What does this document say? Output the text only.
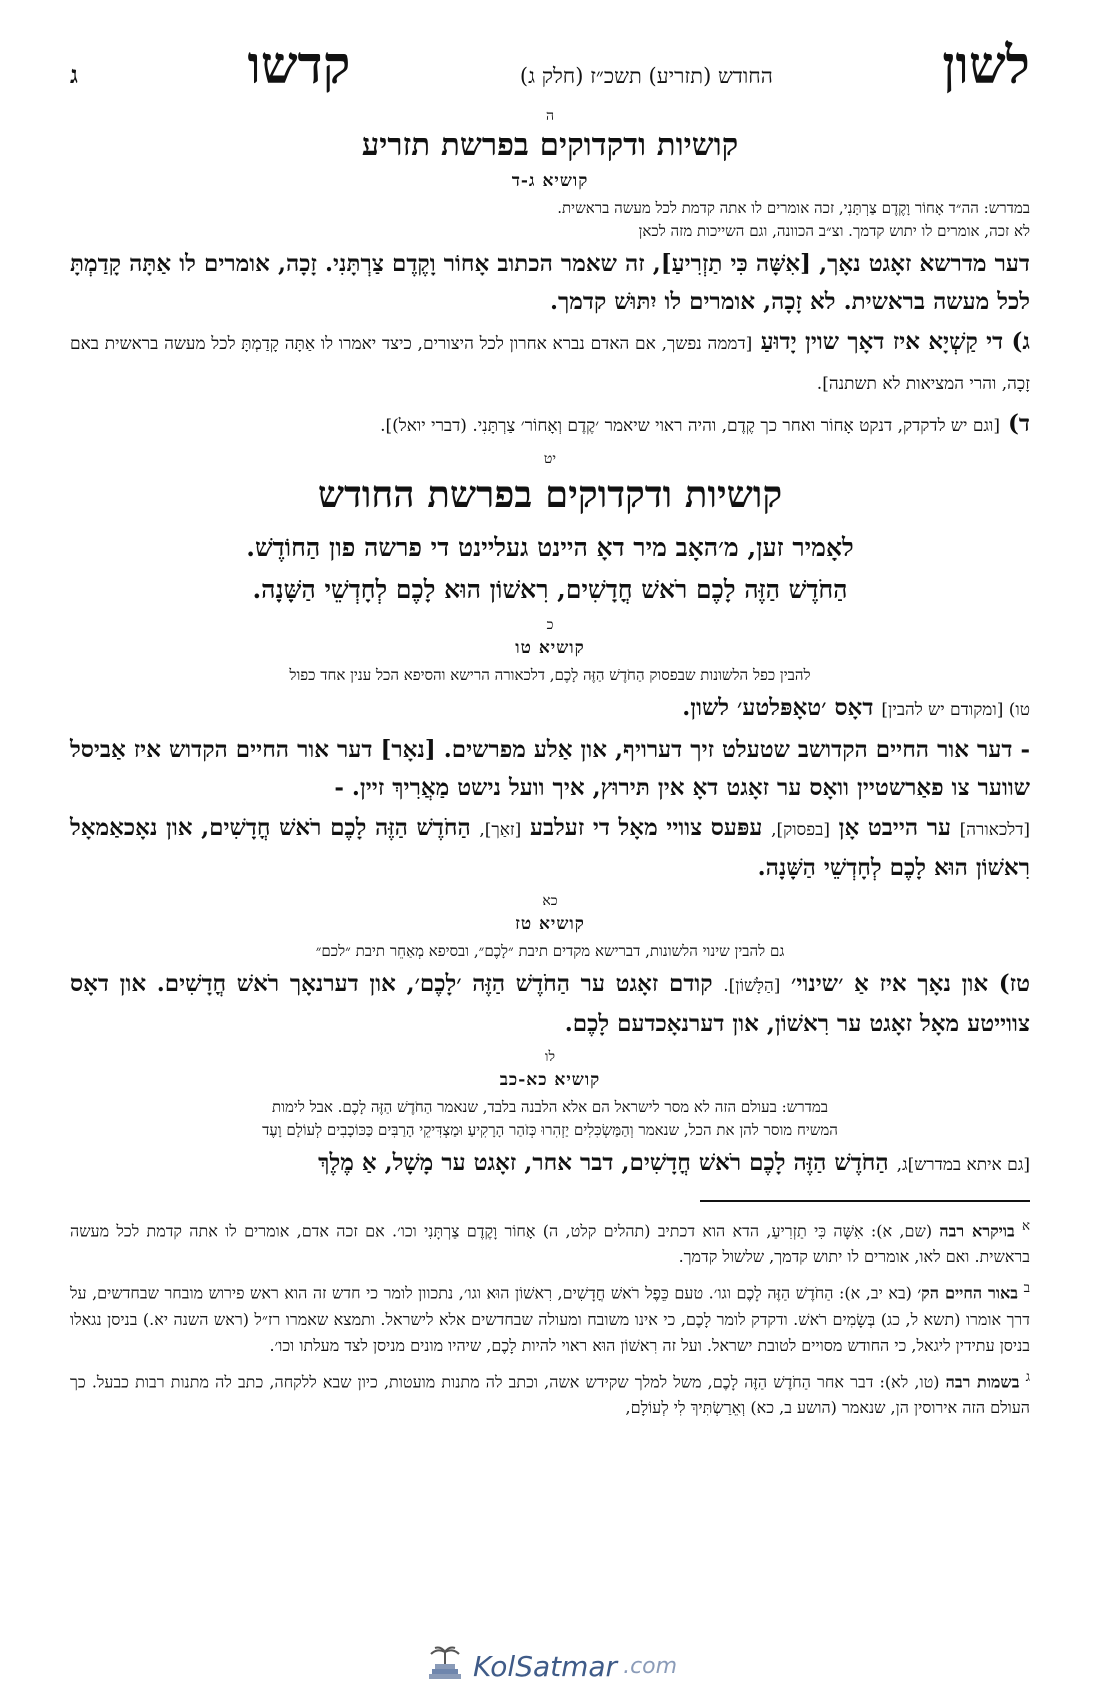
לשון
החודש (תזריע) תשכ״ז (חלק ג)
קדשו
ג
ה
קושיות ודקדוקים בפרשת תזריע
קושיא ג-ד
במדרש: הה״ד אָחוֹר וָקֶדֶם צַרְתָּנִי, זכה אומרים לו אתה קדמת לכל מעשה בראשית.
לא זכה, אומרים לו יתוש קדמך. וצ״ב הכוונה, וגם השייכות מזה לכאן

דער מדרשא זאָגט נאָך, [אִשָּׁה כִּי תַזְרִיעַ], זה שאמר הכתוב אָחוֹר וָקֶדֶם צַרְתָּנִי. זָכָה, אומרים לו אַתָּה קָדַמְתָּ לכל מעשה בראשית. לא זָכָה, אומרים לו יִתּוּשׁ קדמך.

ג) די קַשְׁיָא איז דאָך שוין יָדוּעַ [דממה נפשך, אם האדם נברא אחרון לכל היצורים, כיצד יאמרו לו אַתָּה קָדַמְתָּ לכל מעשה בראשית באם זָכָה, והרי המציאות לא תשתנה].

ד) [וגם יש לדקדק, דנקט אָחוֹר ואחר כך קֶדֶם, והיה ראוי שיאמר ׳קֶדֶם וְאָחוֹר׳ צַרְתָּנִי. (דברי יואל)].

יט
קושיות ודקדוקים בפרשת החודש

לאָמיר זען, מ׳האָב מיר דאָ היינט געליינט די פרשה פון הַחוֹדֶשׁ.

הַחֹדֶשׁ הַזֶּה לָכֶם רֹאשׁ חֳדָשִׁים, רִאשׁוֹן הוּא לָכֶם לְחָדְשֵׁי הַשָּׁנָה.

כ
קושיא טו
להבין כפל הלשונות שבפסוק הַחֹדֶשׁ הַזֶּה לָכֶם, דלכאורה הרישא והסיפא הכל ענין אחד כפול

טו) [ומקודם יש להבין] דאָס ׳טאָפּלטע׳ לשון.

- דער אור החיים הקדושב שטעלט זיך דערויף, און אַלע מפרשים. [נאָר] דער אור החיים הקדוש איז אַביסל שווער צו פאַרשטיין וואָס ער זאָגט דאָ אין תּירוּץ, איך וועל נישט מַאֲרִיךְ זיין. -

[דלכאורה] ער הייבט אָן [בפסוק], עפּעס צוויי מאָל די זעלבע [זאַך], הַחֹדֶשׁ הַזֶּה לָכֶם רֹאשׁ חֳדָשִׁים, און נאָכאַמאָל רִאשׁוֹן הוּא לָכֶם לְחָדְשֵׁי הַשָּׁנָה.

כא
קושיא טז
גם להבין שינוי הלשונות, דברישא מקדים תיבת ״לָכֶם״, ובסיפא מְאַחֵר תיבת ״לכם״

טז) און נאָך איז אַ ׳שינוי׳ [הַלָּשׁוֹן]. קודם זאָגט ער הַחֹדֶשׁ הַזֶּה ׳לָכֶם׳, און דערנאָך רֹאשׁ חֳדָשִׁים. און דאָס צווייטע מאָל זאָגט ער רִאשׁוֹן, און דערנאָכדעם לָכֶם.

לו
קושיא כא-כב
במדרש: בעולם הזה לא מסר לישראל הם אלא הלבנה בלבד, שנאמר הַחֹדֶשׁ הַזֶּה לָכֶם. אבל לימות
המשיח מוסר להן את הכל, שנאמר וְהַמַּשְׂכִּלִים יַזְהִרוּ כְּזֹהַר הָרָקִיעַ וּמַצְדִּיקֵי הָרַבִּים כַּכּוֹכָבִים לְעוֹלָם וָעֶד

[גם איתא במדרש]ג, הַחֹדֶשׁ הַזֶּה לָכֶם רֹאשׁ חֳדָשִׁים, דבר אחר, זאָגט ער מָשָׁל, אַ מֶלֶךְ

$^א$ בויקרא רבה (שם, א): אִשָּׁה כִּי תַזְרִיעַ, הדא הוא דכתיב (תהלים קלט, ה) אָחוֹר וָקֶדֶם צַרְתָּנִי וכו׳. אם זכה אדם, אומרים לו אתה קדמת לכל מעשה בראשית. ואם לאו, אומרים לו יתוש קדמך, שלשול קדמך.

$^ב$ באור החיים הק׳ (בא יב, א): הַחֹדֶשׁ הַזֶּה לָכֶם וגו׳. טעם כֵּפֶל רֹאשׁ חֳדָשִׁים, רִאשׁוֹן הוּא וגו׳, נתכוון לומר כי חדש זה הוא ראש פירוש מובחר שבחדשים, על דרך אומרו (תשא ל, כג) בְּשָׂמִים רֹאשׁ. ודקדק לומר לָכֶם, כי אינו משובח ומעולה שבחדשים אלא לישראל. ותמצא שאמרו רז״ל (ראש השנה יא.) בניסן נגאלו בניסן עתידין ליגאל, כי החודש מסויים לטובת ישראל. ועל זה רִאשׁוֹן הוּא ראוי להיות לָכֶם, שיהיו מונים מניסן לצד מעלתו וכו׳.

$^ג$ בשמות רבה (טו, לא): דבר אחר הַחֹדֶשׁ הַזֶּה לָכֶם, משל למלך שקידש אשה, וכתב לה מתנות מועטות, כיון שבא ללקחה, כתב לה מתנות רבות כבעל. כך העולם הזה אירוסין הן, שנאמר (הושע ב, כא) וְאֵרַשְׂתִּיךְ לִי לְעוֹלָם,

KolSatmar .com
